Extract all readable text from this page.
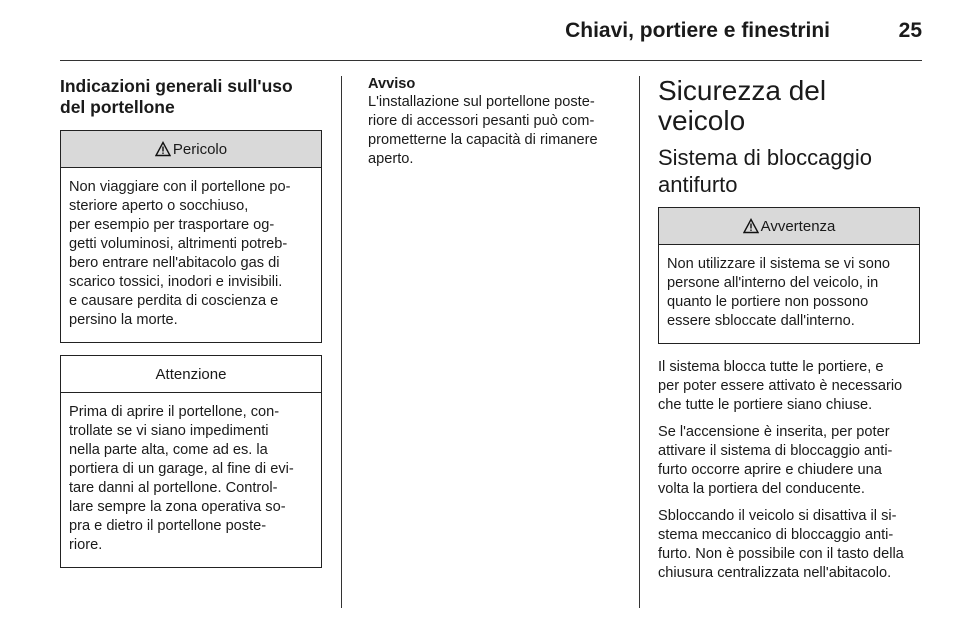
Chiavi, portiere e finestrini	25
Indicazioni generali sull'uso del portellone
Pericolo

Non viaggiare con il portellone po-

steriore aperto o socchiuso,

per esempio per trasportare og-

getti voluminosi, altrimenti potreb-

bero entrare nell'abitacolo gas di

scarico tossici, inodori e invisibili.

e causare perdita di coscienza e

persino la morte.

Attenzione

Prima di aprire il portellone, con-

trollate se vi siano impedimenti

nella parte alta, come ad es. la

portiera di un garage, al fine di evi-

tare danni al portellone. Control-

lare sempre la zona operativa so-

pra e dietro il portellone poste-

riore.

Avviso
L'installazione sul portellone poste-
riore di accessori pesanti può com-
prometterne la capacità di rimanere
aperto.
Sicurezza del veicolo
Sistema di bloccaggio
antifurto
Avvertenza

Non utilizzare il sistema se vi sono

persone all'interno del veicolo, in

quanto le portiere non possono

essere sbloccate dall'interno.

Il sistema blocca tutte le portiere, e
per poter essere attivato è necessario
che tutte le portiere siano chiuse.
Se l'accensione è inserita, per poter
attivare il sistema di bloccaggio anti-
furto occorre aprire e chiudere una
volta la portiera del conducente.
Sbloccando il veicolo si disattiva il si-
stema meccanico di bloccaggio anti-
furto. Non è possibile con il tasto della
chiusura centralizzata nell'abitacolo.
